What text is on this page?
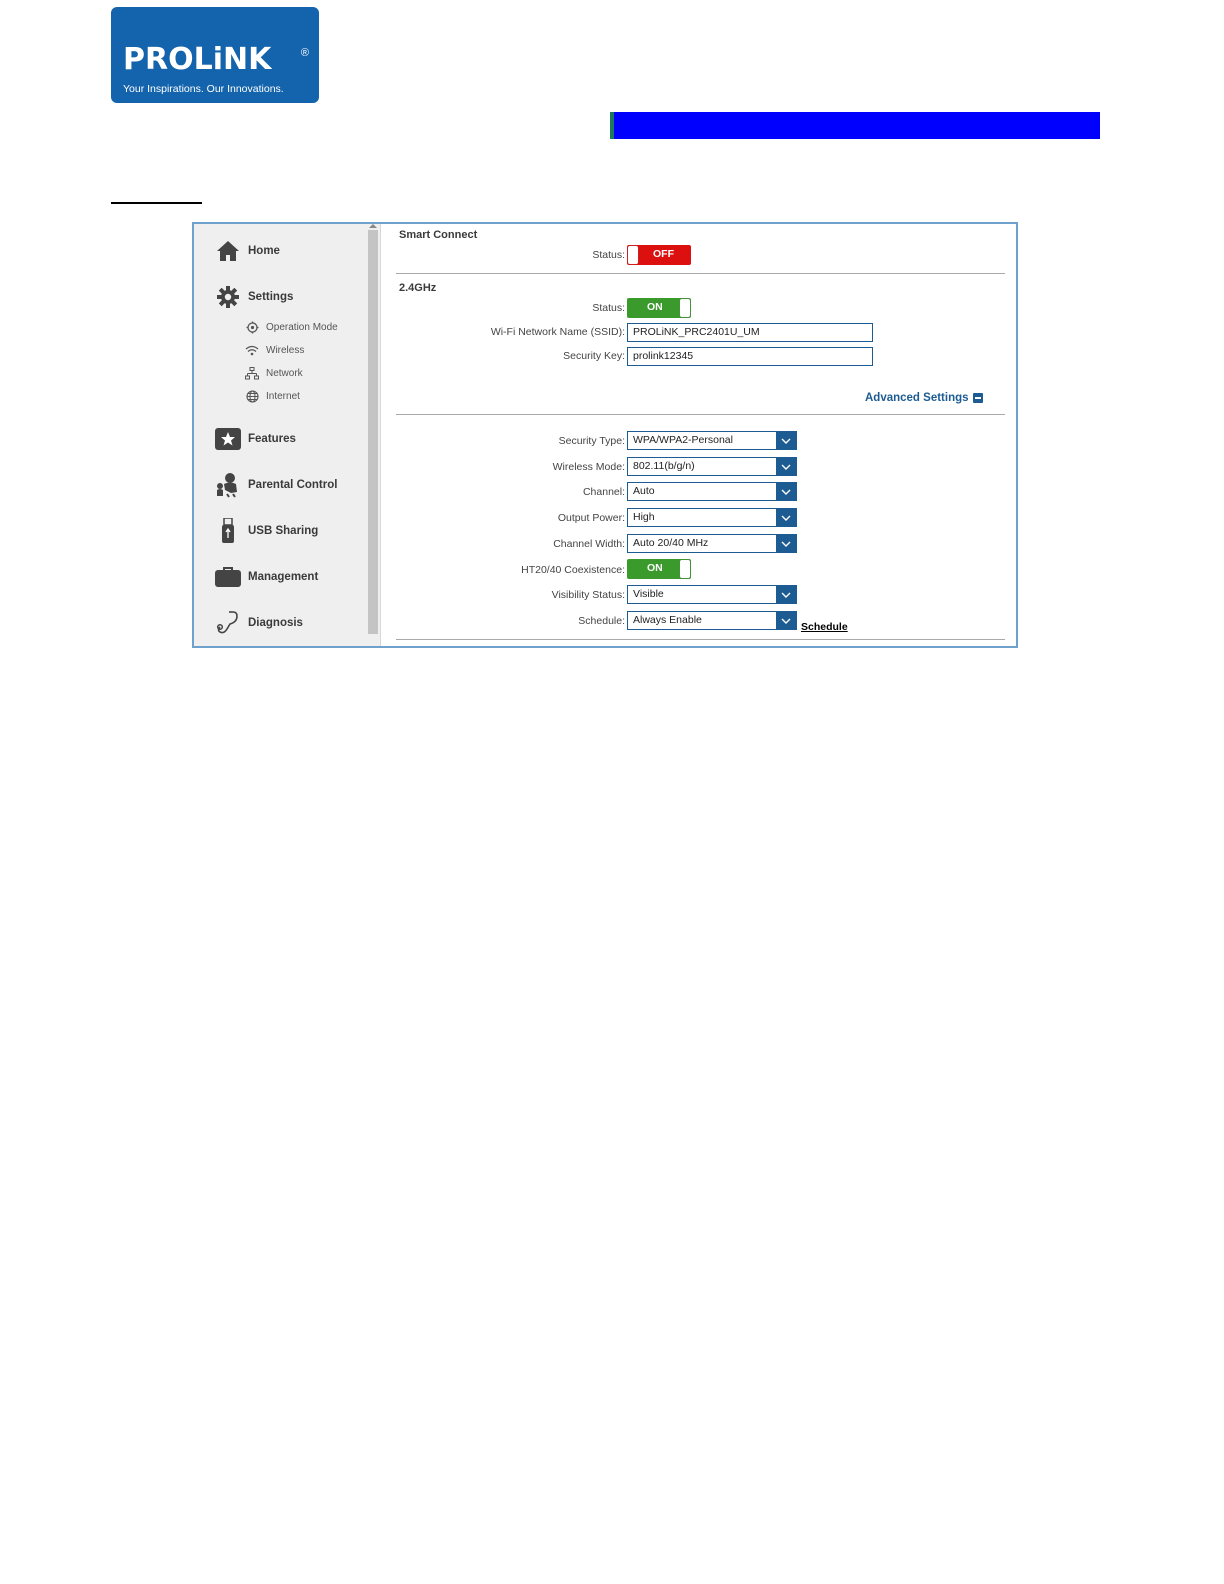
PROLiNK	®
Your Inspirations. Our Innovations.
Home
Settings
Operation Mode
Wireless
Network
Internet
Features
Parental Control
USB Sharing
Management
Diagnosis
Smart Connect
Status:	OFF
2.4GHz
Status: ON
Wi-Fi Network Name (SSID): PROLiNK_PRC2401U_UM
Security Key: prolink12345
Advanced Settings
Security Type: WPA/WPA2-Personal
Wireless Mode: 802.11(b/g/n)
Channel: Auto
Output Power: High
Channel Width: Auto 20/40 MHz
HT20/40 Coexistence: ON
Visibility Status: Visible
Schedule: Always Enable
Schedule
